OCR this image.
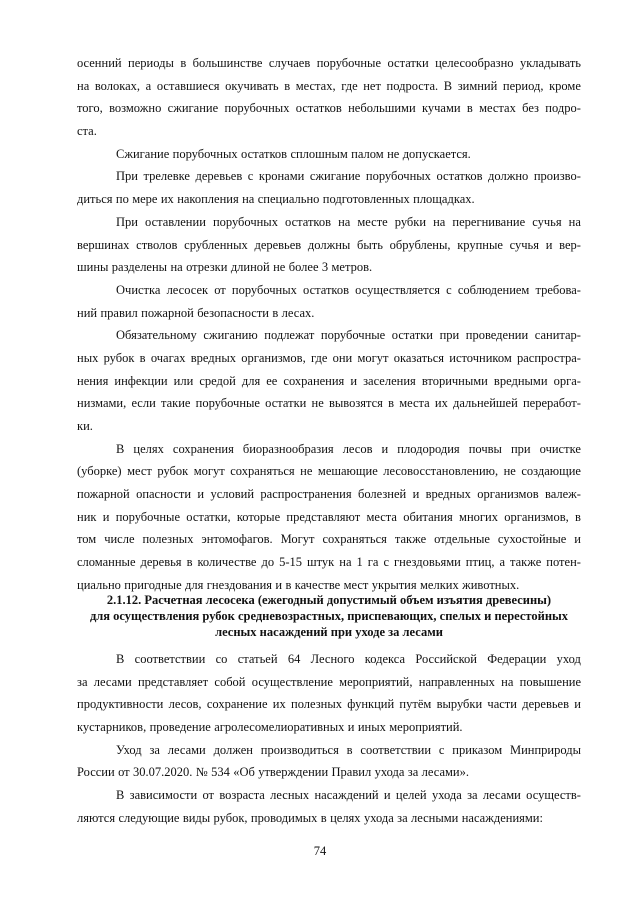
осенний периоды в большинстве случаев порубочные остатки целесообразно укладывать
на волоках, а оставшиеся окучивать в местах, где нет подроста. В зимний период, кроме
того, возможно сжигание порубочных остатков небольшими кучами в местах без подро-
ста.
Сжигание порубочных остатков сплошным палом не допускается.
При трелевке деревьев с кронами сжигание порубочных остатков должно произво-
диться по мере их накопления на специально подготовленных площадках.
При оставлении порубочных остатков на месте рубки на перегнивание сучья на
вершинах стволов срубленных деревьев должны быть обрублены, крупные сучья и вер-
шины разделены на отрезки длиной не более 3 метров.
Очистка лесосек от порубочных остатков осуществляется с соблюдением требова-
ний правил пожарной безопасности в лесах.
Обязательному сжиганию подлежат порубочные остатки при проведении санитар-
ных рубок в очагах вредных организмов, где они могут оказаться источником распростра-
нения инфекции или средой для ее сохранения и заселения вторичными вредными орга-
низмами, если такие порубочные остатки не вывозятся в места их дальнейшей переработ-
ки.
В целях сохранения биоразнообразия лесов и плодородия почвы при очистке
(уборке) мест рубок могут сохраняться не мешающие лесовосстановлению, не создающие
пожарной опасности и условий распространения болезней и вредных организмов валеж-
ник и порубочные остатки, которые представляют места обитания многих организмов, в
том числе полезных энтомофагов. Могут сохраняться также отдельные сухостойные и
сломанные деревья в количестве до 5-15 штук на 1 га с гнездовьями птиц, а также потен-
циально пригодные для гнездования и в качестве мест укрытия мелких животных.
2.1.12. Расчетная лесосека (ежегодный допустимый объем изъятия древесины)
для осуществления рубок средневозрастных, приспевающих, спелых и перестойных
лесных насаждений при уходе за лесами
В соответствии со статьей 64 Лесного кодекса Российской Федерации уход
за лесами представляет собой осуществление мероприятий, направленных на повышение
продуктивности лесов, сохранение их полезных функций путём вырубки части деревьев и
кустарников, проведение агролесомелиоративных и иных мероприятий.
Уход за лесами должен производиться в соответствии с приказом Минприроды
России от 30.07.2020. № 534 «Об утверждении Правил ухода за лесами».
В зависимости от возраста лесных насаждений и целей ухода за лесами осуществ-
ляются следующие виды рубок, проводимых в целях ухода за лесными насаждениями:
74
